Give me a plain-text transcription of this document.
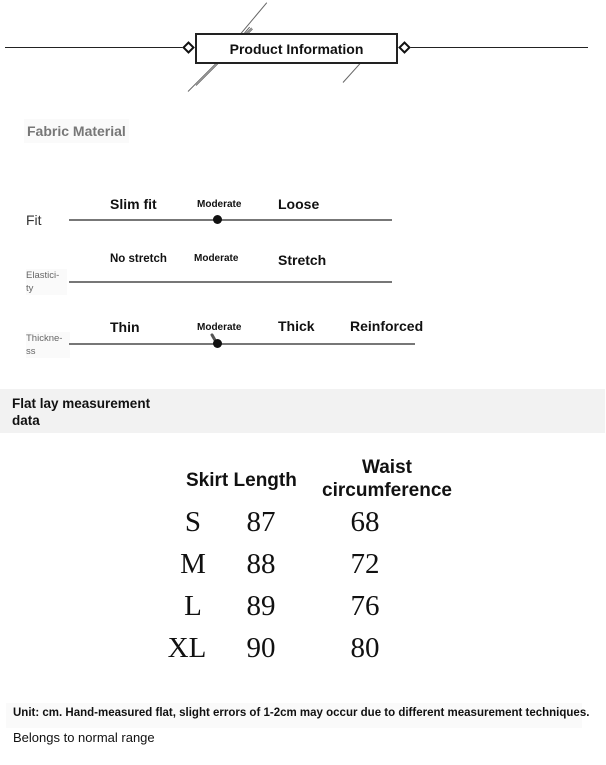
Product Information
Fabric Material
Fit
Slim fit	Moderate	Loose
Elastici-
ty
No stretch	Moderate	Stretch
Thickne-
ss
Thin	Moderate	Thick	Reinforced
Flat lay measurement
data
Skirt Length
Waist
circumference
S	87	68
M	88	72
L	89	76
XL	90	80
Unit: cm. Hand-measured flat, slight errors of 1-2cm may occur due to different measurement techniques.
Belongs to normal range
